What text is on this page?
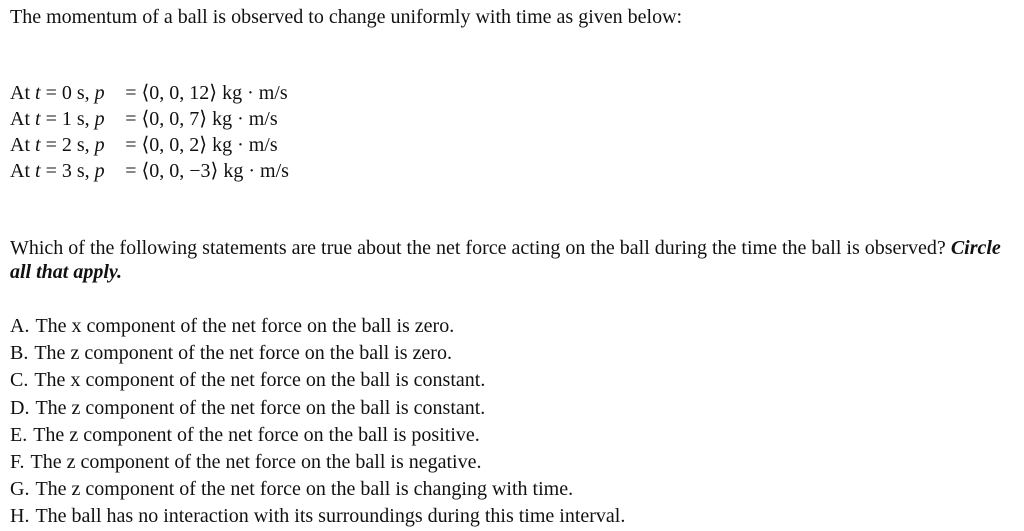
The momentum of a ball is observed to change uniformly with time as given below:

At t = 0 s, p⃗ = ⟨0, 0, 12⟩ kg · m/s
At t = 1 s, p⃗ = ⟨0, 0, 7⟩ kg · m/s
At t = 2 s, p⃗ = ⟨0, 0, 2⟩ kg · m/s
At t = 3 s, p⃗ = ⟨0, 0, −3⟩ kg · m/s

Which of the following statements are true about the net force acting on the ball during the time the ball is observed? Circle all that apply.

A. The x component of the net force on the ball is zero.
B. The z component of the net force on the ball is zero.
C. The x component of the net force on the ball is constant.
D. The z component of the net force on the ball is constant.
E. The z component of the net force on the ball is positive.
F. The z component of the net force on the ball is negative.
G. The z component of the net force on the ball is changing with time.
H. The ball has no interaction with its surroundings during this time interval.
